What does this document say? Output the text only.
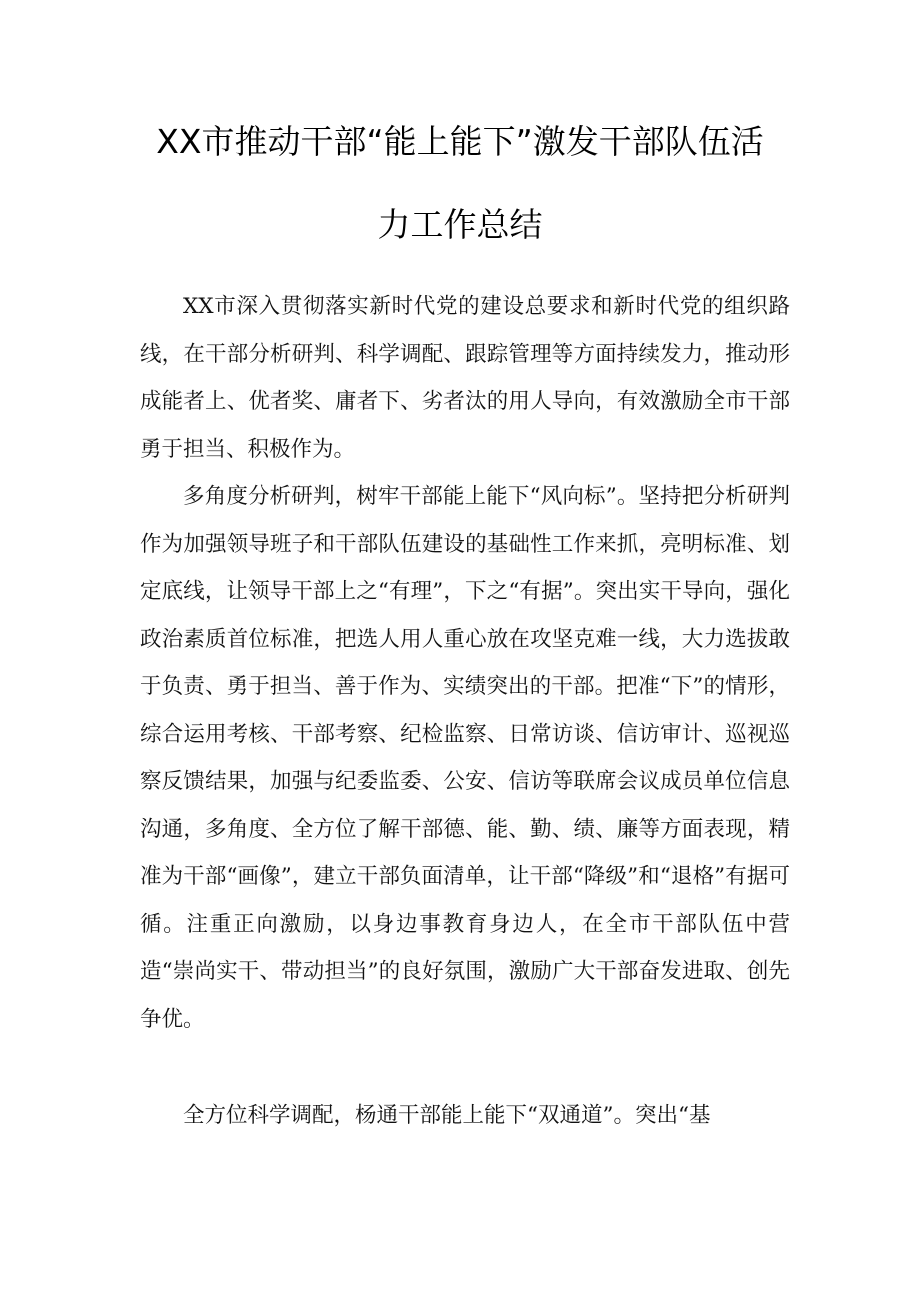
XX市推动干部“能上能下”激发干部队伍活
力工作总结

XX市深入贯彻落实新时代党的建设总要求和新时代党的组织路线，在干部分析研判、科学调配、跟踪管理等方面持续发力，推动形成能者上、优者奖、庸者下、劣者汰的用人导向，有效激励全市干部勇于担当、积极作为。

多角度分析研判，树牢干部能上能下“风向标”。坚持把分析研判作为加强领导班子和干部队伍建设的基础性工作来抓，亮明标准、划定底线，让领导干部上之“有理”，下之“有据”。突出实干导向，强化政治素质首位标准，把选人用人重心放在攻坚克难一线，大力选拔敢于负责、勇于担当、善于作为、实绩突出的干部。把准“下”的情形，综合运用考核、干部考察、纪检监察、日常访谈、信访审计、巡视巡察反馈结果，加强与纪委监委、公安、信访等联席会议成员单位信息沟通，多角度、全方位了解干部德、能、勤、绩、廉等方面表现，精准为干部“画像”，建立干部负面清单，让干部“降级”和“退格”有据可循。注重正向激励，以身边事教育身边人，在全市干部队伍中营造“崇尚实干、带动担当”的良好氛围，激励广大干部奋发进取、创先争优。

全方位科学调配，杨通干部能上能下“双通道”。突出“基
